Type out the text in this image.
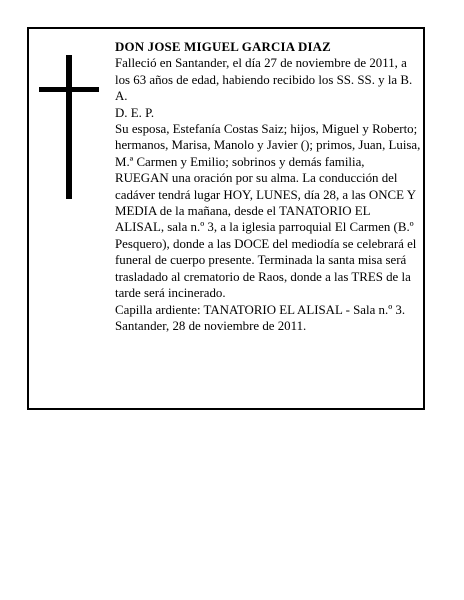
DON JOSE MIGUEL GARCIA DIAZ

Falleció en Santander, el día 27 de noviembre de 2011, a los 63 años de edad, habiendo recibido los SS. SS. y la B. A.

D. E. P.

Su esposa, Estefanía Costas Saiz; hijos, Miguel y Roberto; hermanos, Marisa, Manolo y Javier (); primos, Juan, Luisa, M.ª Carmen y Emilio; sobrinos y demás familia,

RUEGAN una oración por su alma. La conducción del cadáver tendrá lugar HOY, LUNES, día 28, a las ONCE Y MEDIA de la mañana, desde el TANATORIO EL ALISAL, sala n.º 3, a la iglesia parroquial El Carmen (B.º Pesquero), donde a las DOCE del mediodía se celebrará el funeral de cuerpo presente. Terminada la santa misa será trasladado al crematorio de Raos, donde a las TRES de la tarde será incinerado.

Capilla ardiente: TANATORIO EL ALISAL - Sala n.º 3.

Santander, 28 de noviembre de 2011.
